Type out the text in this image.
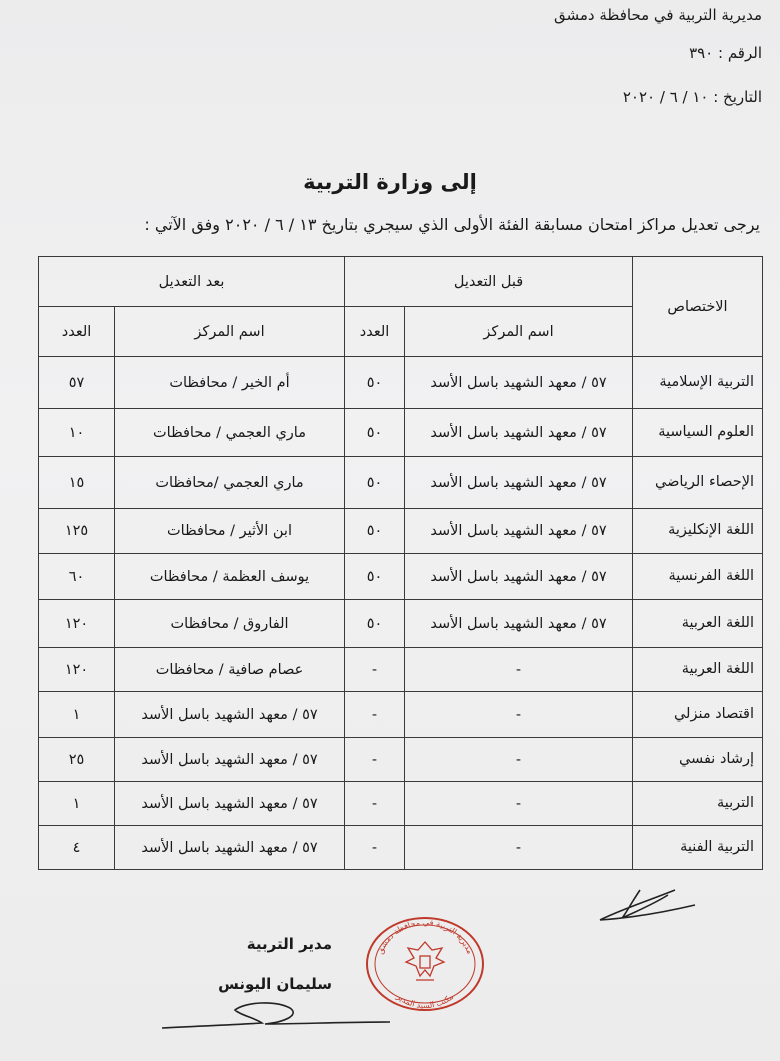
مديرية التربية في محافظة دمشق
الرقم : ٣٩٠
التاريخ : ١٠ / ٦ / ٢٠٢٠
إلى وزارة التربية
يرجى تعديل مراكز امتحان مسابقة الفئة الأولى الذي سيجري بتاريخ ١٣ / ٦ / ٢٠٢٠ وفق الآتي :
الاختصاص	قبل التعديل		بعد التعديل	
	اسم المركز	العدد	اسم المركز	العدد
التربية الإسلامية	٥٧ / معهد الشهيد باسل الأسد	٥٠	أم الخير / محافظات	٥٧
العلوم السياسية	٥٧ / معهد الشهيد باسل الأسد	٥٠	ماري العجمي / محافظات	١٠
الإحصاء الرياضي	٥٧ / معهد الشهيد باسل الأسد	٥٠	ماري العجمي /محافظات	١٥
اللغة الإنكليزية	٥٧ / معهد الشهيد باسل الأسد	٥٠	ابن الأثير / محافظات	١٢٥
اللغة الفرنسية	٥٧ / معهد الشهيد باسل الأسد	٥٠	يوسف العظمة / محافظات	٦٠
اللغة العربية	٥٧ / معهد الشهيد باسل الأسد	٥٠	الفاروق / محافظات	١٢٠
اللغة العربية	-	-	عصام صافية / محافظات	١٢٠
اقتصاد منزلي	-	-	٥٧ / معهد الشهيد باسل الأسد	١
إرشاد نفسي	-	-	٥٧ / معهد الشهيد باسل الأسد	٢٥
التربية	-	-	٥٧ / معهد الشهيد باسل الأسد	١
التربية الفنية	-	-	٥٧ / معهد الشهيد باسل الأسد	٤
مدير التربية
سليمان اليونس
مديرية التربية في محافظة دمشق
مكتب السيد المدير
